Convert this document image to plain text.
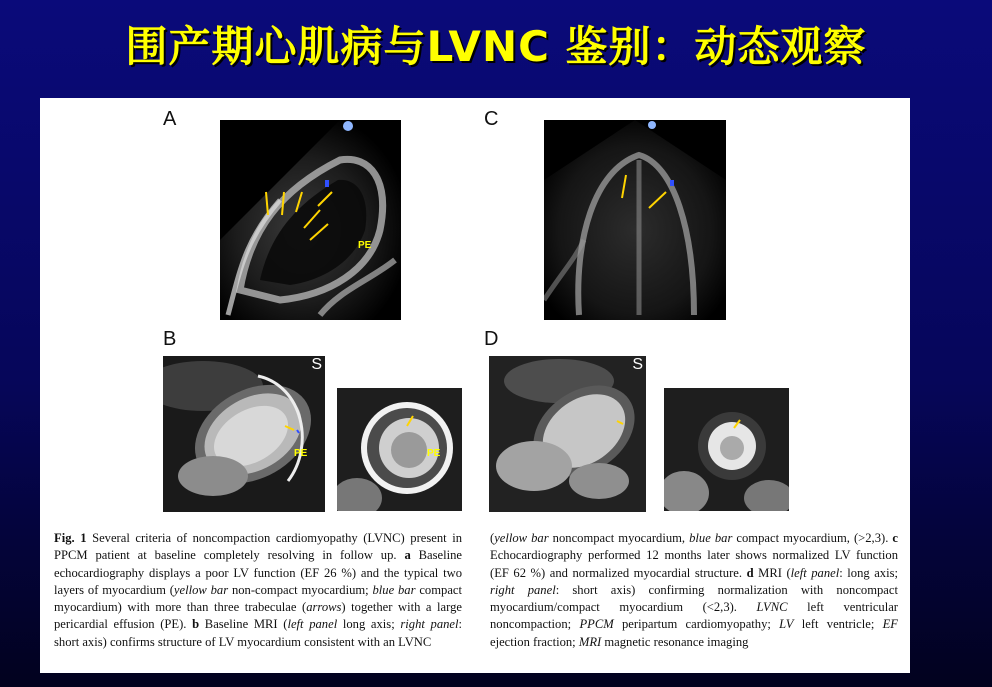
围产期心肌病与LVNC 鉴别：动态观察
A
PE
C
B
S
PE	PE
D
S
Fig. 1 Several criteria of noncompaction cardiomyopathy (LVNC) present in PPCM patient at baseline completely resolving in follow up. a Baseline echocardiography displays a poor LV function (EF 26 %) and the typical two layers of myocardium (yellow bar non-compact myocardium; blue bar compact myocardium) with more than three trabeculae (arrows) together with a large pericardial effusion (PE). b Baseline MRI (left panel long axis; right panel: short axis) confirms structure of LV myocardium consistent with an LVNC
(yellow bar noncompact myocardium, blue bar compact myocardium, (>2,3). c Echocardiography performed 12 months later shows normalized LV function (EF 62 %) and normalized myocardial structure. d MRI (left panel: long axis; right panel: short axis) confirming normalization with noncompact myocardium/compact myocardium (<2,3). LVNC left ventricular noncompaction; PPCM peripartum cardiomyopathy; LV left ventricle; EF ejection fraction; MRI magnetic resonance imaging
